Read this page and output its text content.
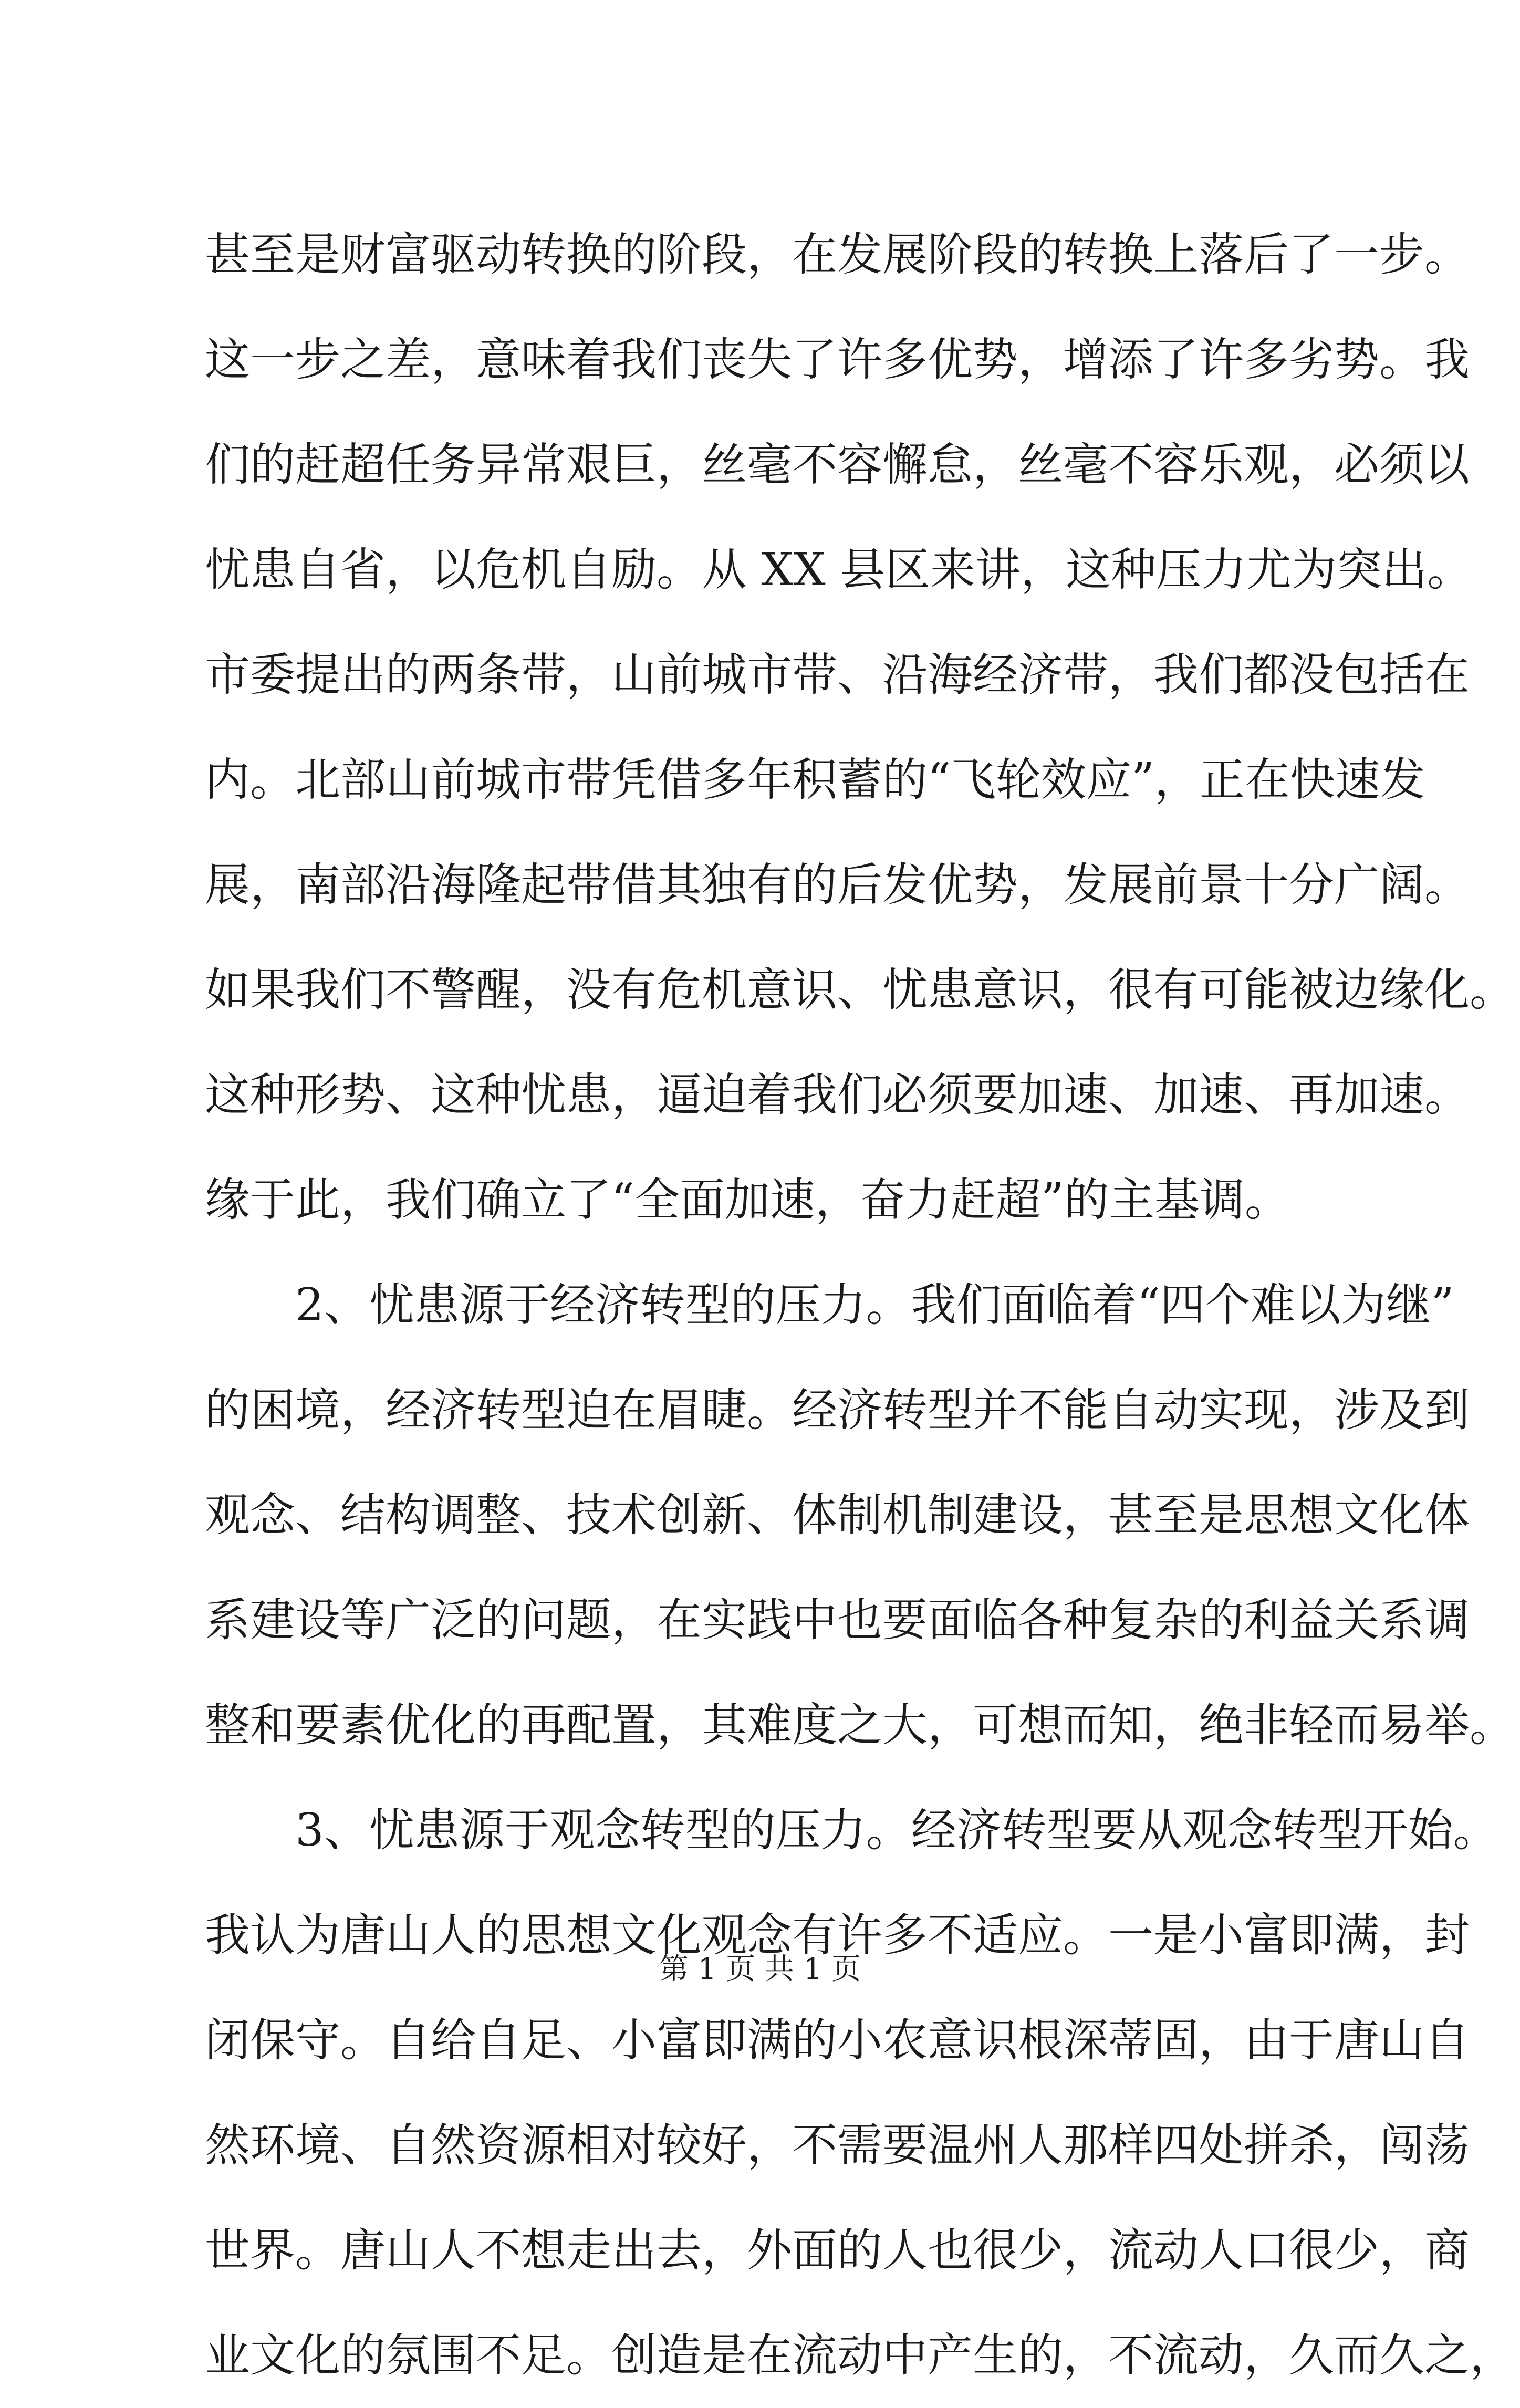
甚至是财富驱动转换的阶段，在发展阶段的转换上落后了一步。
这一步之差，意味着我们丧失了许多优势，增添了许多劣势。我
们的赶超任务异常艰巨，丝毫不容懈怠，丝毫不容乐观，必须以
忧患自省，以危机自励。从 XX 县区来讲，这种压力尤为突出。
市委提出的两条带，山前城市带、沿海经济带，我们都没包括在
内。北部山前城市带凭借多年积蓄的“飞轮效应”，正在快速发
展，南部沿海隆起带借其独有的后发优势，发展前景十分广阔。
如果我们不警醒，没有危机意识、忧患意识，很有可能被边缘化。
这种形势、这种忧患，逼迫着我们必须要加速、加速、再加速。
缘于此，我们确立了“全面加速，奋力赶超”的主基调。
　　2、忧患源于经济转型的压力。我们面临着“四个难以为继”
的困境，经济转型迫在眉睫。经济转型并不能自动实现，涉及到
观念、结构调整、技术创新、体制机制建设，甚至是思想文化体
系建设等广泛的问题，在实践中也要面临各种复杂的利益关系调
整和要素优化的再配置，其难度之大，可想而知，绝非轻而易举。
　　3、忧患源于观念转型的压力。经济转型要从观念转型开始。
我认为唐山人的思想文化观念有许多不适应。一是小富即满，封
闭保守。自给自足、小富即满的小农意识根深蒂固，由于唐山自
然环境、自然资源相对较好，不需要温州人那样四处拼杀，闯荡
世界。唐山人不想走出去，外面的人也很少，流动人口很少，商
业文化的氛围不足。创造是在流动中产生的，不流动，久而久之，
第 1 页 共 1 页
